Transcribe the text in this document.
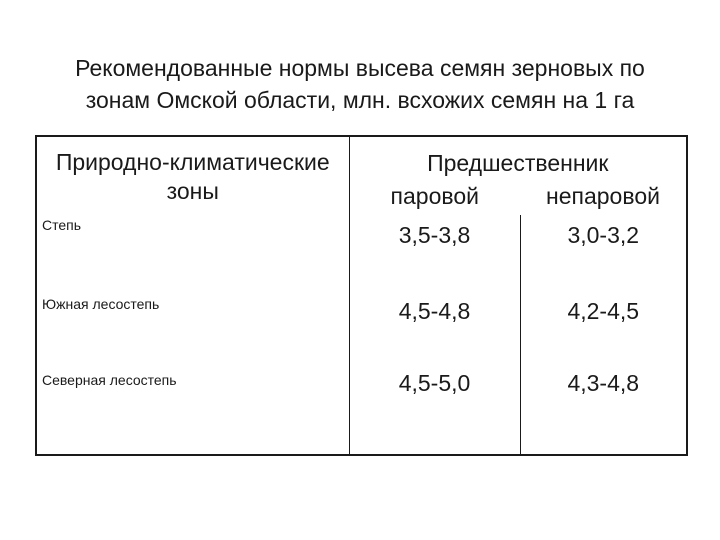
Рекомендованные нормы высева семян зерновых по
зонам Омской области, млн. всхожих семян на 1 га
Природно-климатические зоны	Предшественник	
	паровой	непаровой
Степь	3,5-3,8	3,0-3,2
Южная лесостепь	4,5-4,8	4,2-4,5
Северная лесостепь	4,5-5,0	4,3-4,8
